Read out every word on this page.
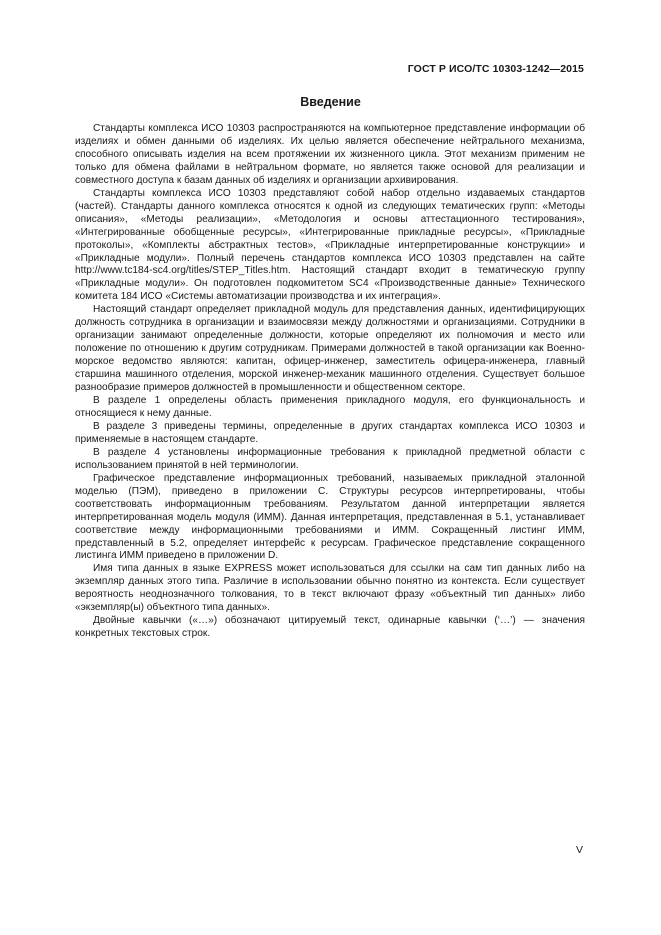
ГОСТ Р ИСО/ТС 10303-1242—2015
Введение

Стандарты комплекса ИСО 10303 распространяются на компьютерное представление информации об изделиях и обмен данными об изделиях. Их целью является обеспечение нейтрального механизма, способного описывать изделия на всем протяжении их жизненного цикла. Этот механизм применим не только для обмена файлами в нейтральном формате, но является также основой для реализации и совместного доступа к базам данных об изделиях и организации архивирования.

Стандарты комплекса ИСО 10303 представляют собой набор отдельно издаваемых стандартов (частей). Стандарты данного комплекса относятся к одной из следующих тематических групп: «Методы описания», «Методы реализации», «Методология и основы аттестационного тестирования», «Интегрированные обобщенные ресурсы», «Интегрированные прикладные ресурсы», «Прикладные протоколы», «Комплекты абстрактных тестов», «Прикладные интерпретированные конструкции» и «Прикладные модули». Полный перечень стандартов комплекса ИСО 10303 представлен на сайте http://www.tc184-sc4.org/titles/STEP_Titles.htm. Настоящий стандарт входит в тематическую группу «Прикладные модули». Он подготовлен подкомитетом SC4 «Производственные данные» Технического комитета 184 ИСО «Системы автоматизации производства и их интеграция».

Настоящий стандарт определяет прикладной модуль для представления данных, идентифицирующих должность сотрудника в организации и взаимосвязи между должностями и организациями. Сотрудники в организации занимают определенные должности, которые определяют их полномочия и место или положение по отношению к другим сотрудникам. Примерами должностей в такой организации как Военно-морское ведомство являются: капитан, офицер-инженер, заместитель офицера-инженера, главный старшина машинного отделения, морской инженер-механик машинного отделения. Существует большое разнообразие примеров должностей в промышленности и общественном секторе.

В разделе 1 определены область применения прикладного модуля, его функциональность и относящиеся к нему данные.

В разделе 3 приведены термины, определенные в других стандартах комплекса ИСО 10303 и применяемые в настоящем стандарте.

В разделе 4 установлены информационные требования к прикладной предметной области с использованием принятой в ней терминологии.

Графическое представление информационных требований, называемых прикладной эталонной моделью (ПЭМ), приведено в приложении С. Структуры ресурсов интерпретированы, чтобы соответствовать информационным требованиям. Результатом данной интерпретации является интерпретированная модель модуля (ИММ). Данная интерпретация, представленная в 5.1, устанавливает соответствие между информационными требованиями и ИММ. Сокращенный листинг ИММ, представленный в 5.2, определяет интерфейс к ресурсам. Графическое представление сокращенного листинга ИММ приведено в приложении D.

Имя типа данных в языке EXPRESS может использоваться для ссылки на сам тип данных либо на экземпляр данных этого типа. Различие в использовании обычно понятно из контекста. Если существует вероятность неоднозначного толкования, то в текст включают фразу «объектный тип данных» либо «экземпляр(ы) объектного типа данных».

Двойные кавычки («…») обозначают цитируемый текст, одинарные кавычки (‘…’) — значения конкретных текстовых строк.

V
